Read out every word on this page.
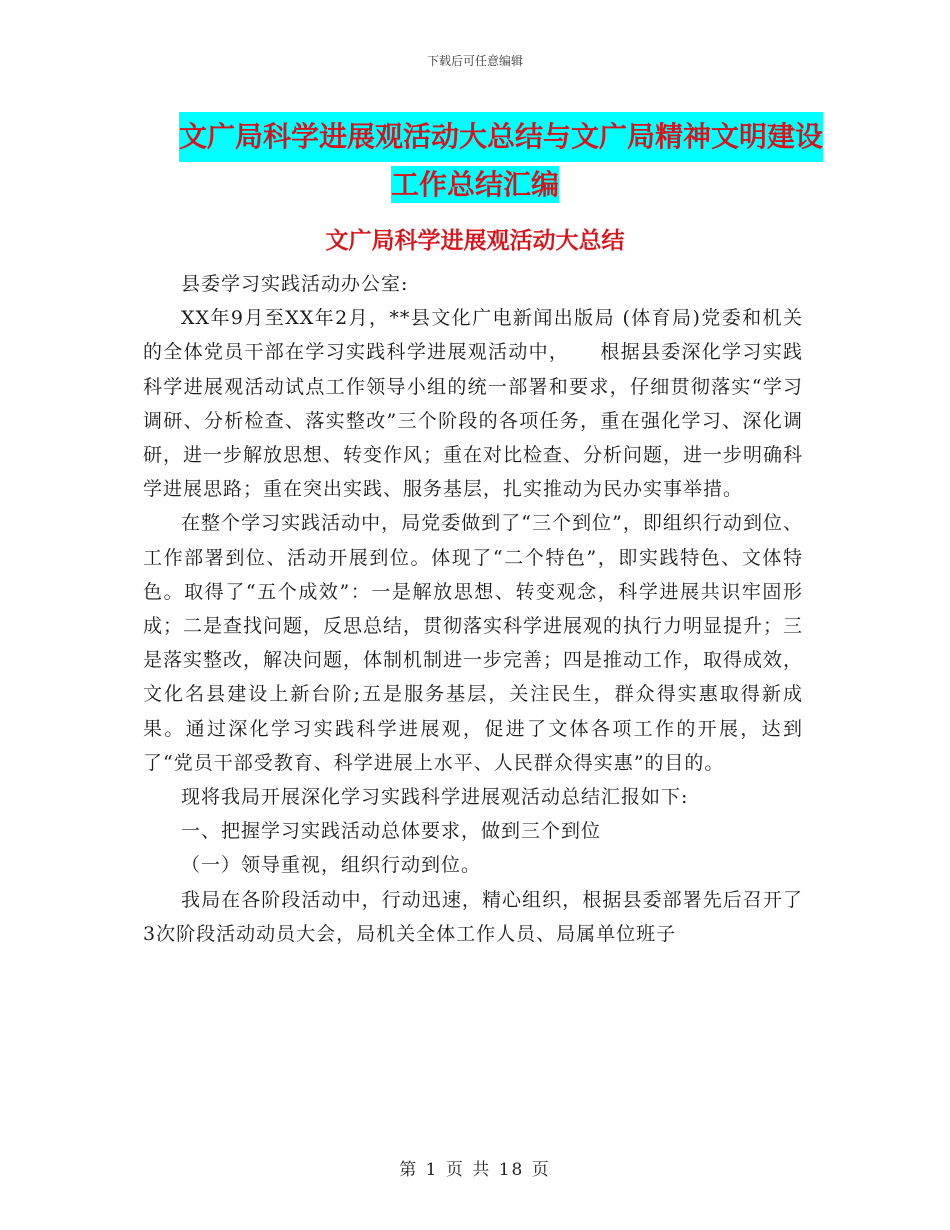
下载后可任意编辑
文广局科学进展观活动大总结与文广局精神文明建设
工作总结汇编
文广局科学进展观活动大总结

县委学习实践活动办公室:

XX年9月至XX年2月，**县文化广电新闻出版局 (体育局)党委和机关的全体党员干部在学习实践科学进展观活动中，　　根据县委深化学习实践科学进展观活动试点工作领导小组的统一部署和要求，仔细贯彻落实“学习调研、分析检查、落实整改”三个阶段的各项任务，重在强化学习、深化调研，进一步解放思想、转变作风；重在对比检查、分析问题，进一步明确科学进展思路；重在突出实践、服务基层，扎实推动为民办实事举措。

在整个学习实践活动中，局党委做到了“三个到位”，即组织行动到位、工作部署到位、活动开展到位。体现了“二个特色”，即实践特色、文体特色。取得了“五个成效”：一是解放思想、转变观念，科学进展共识牢固形成；二是查找问题，反思总结，贯彻落实科学进展观的执行力明显提升；三是落实整改，解决问题，体制机制进一步完善；四是推动工作，取得成效，文化名县建设上新台阶;五是服务基层，关注民生，群众得实惠取得新成果。通过深化学习实践科学进展观，促进了文体各项工作的开展，达到了“党员干部受教育、科学进展上水平、人民群众得实惠”的目的。

现将我局开展深化学习实践科学进展观活动总结汇报如下:

一、把握学习实践活动总体要求，做到三个到位

（一）领导重视，组织行动到位。

我局在各阶段活动中，行动迅速，精心组织，根据县委部署先后召开了3次阶段活动动员大会，局机关全体工作人员、局属单位班子

第 1 页 共 18 页
